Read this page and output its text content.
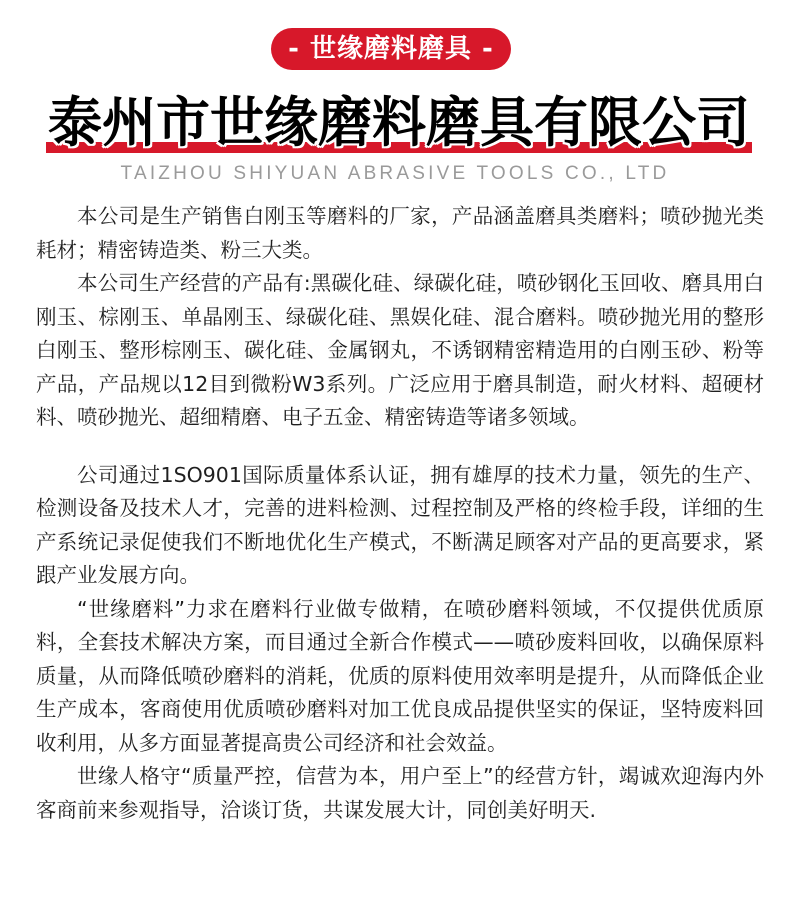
- 世缘磨料磨具 -
泰州市世缘磨料磨具有限公司
TAIZHOU SHIYUAN ABRASIVE TOOLS CO., LTD

本公司是生产销售白刚玉等磨料的厂家，产品涵盖磨具类磨料；喷砂抛光类耗材；精密铸造类、粉三大类。

本公司生产经营的产品有:黑碳化硅、绿碳化硅，喷砂钢化玉回收、磨具用白刚玉、棕刚玉、单晶刚玉、绿碳化硅、黑娱化硅、混合磨料。喷砂抛光用的整形白刚玉、整形棕刚玉、碳化硅、金属钢丸，不诱钢精密精造用的白刚玉砂、粉等产品，产品规以12目到微粉W3系列。广泛应用于磨具制造，耐火材料、超硬材料、喷砂抛光、超细精磨、电子五金、精密铸造等诸多领域。

公司通过1SO901国际质量体系认证，拥有雄厚的技术力量，领先的生产、检测设备及技术人才，完善的进料检测、过程控制及严格的终检手段，详细的生产系统记录促使我们不断地优化生产模式，不断满足顾客对产品的更高要求，紧跟产业发展方向。

“世缘磨料”力求在磨料行业做专做精，在喷砂磨料领域，不仅提供优质原料，全套技术解决方案，而目通过全新合作模式——喷砂废料回收，以确保原料质量，从而降低喷砂磨料的消耗，优质的原料使用效率明是提升，从而降低企业生产成本，客商使用优质喷砂磨料对加工优良成品提供坚实的保证，坚特废料回收利用，从多方面显著提高贵公司经济和社会效益。

世缘人格守“质量严控，信营为本，用户至上”的经营方针，竭诚欢迎海内外客商前来参观指导，洽谈订货，共谋发展大计，同创美好明天.
